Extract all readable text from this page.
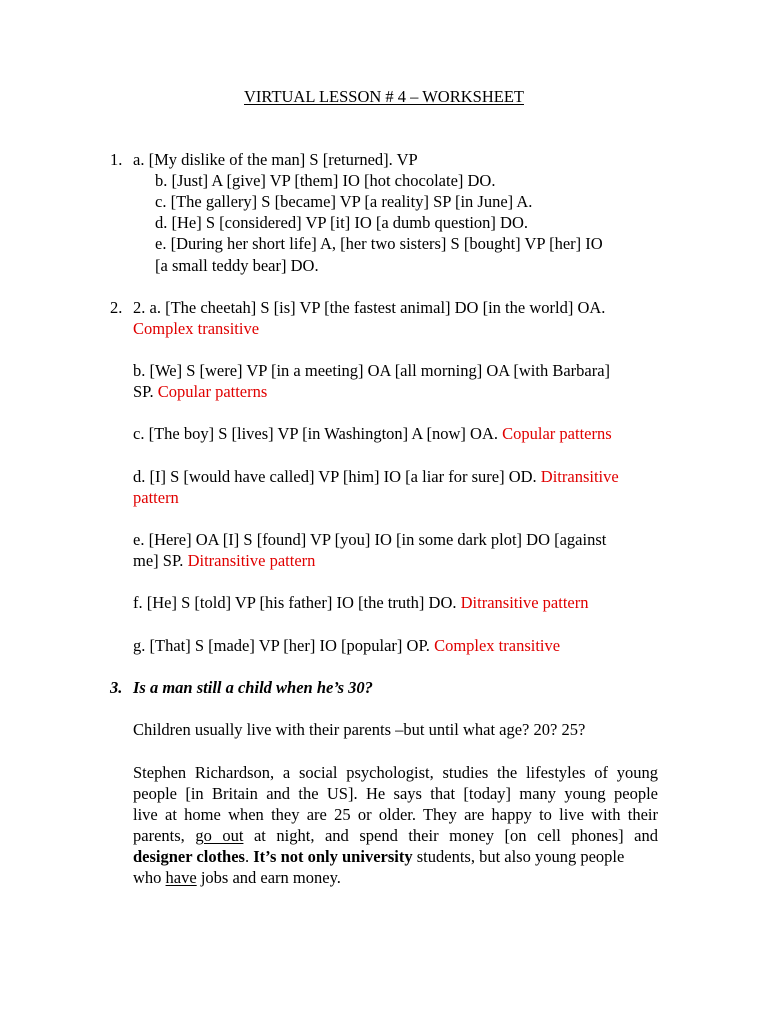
VIRTUAL LESSON # 4 – WORKSHEET
1. a. [My dislike of the man] S [returned]. VP
b. [Just] A [give] VP [them] IO [hot chocolate] DO.
c. [The gallery] S [became] VP [a reality] SP [in June] A.
d. [He] S [considered] VP [it] IO [a dumb question] DO.
e. [During her short life] A, [her two sisters] S [bought] VP [her] IO
[a small teddy bear] DO.
2. 2. a. [The cheetah] S [is] VP [the fastest animal] DO [in the world] OA.
Complex transitive
b. [We] S [were] VP [in a meeting] OA [all morning] OA [with Barbara]
SP. Copular patterns
c. [The boy] S [lives] VP [in Washington] A [now] OA. Copular patterns
d. [I] S [would have called] VP [him] IO [a liar for sure] OD. Ditransitive
pattern
e. [Here] OA [I] S [found] VP [you] IO [in some dark plot] DO [against
me] SP. Ditransitive pattern
f. [He] S [told] VP [his father] IO [the truth] DO. Ditransitive pattern
g. [That] S [made] VP [her] IO [popular] OP. Complex transitive
3. Is a man still a child when he’s 30?
Children usually live with their parents –but until what age? 20? 25?
Stephen Richardson, a social psychologist, studies the lifestyles of young
people [in Britain and the US]. He says that [today] many young people
live at home when they are 25 or older. They are happy to live with their
parents, go out at night, and spend their money [on cell phones] and
designer clothes. It’s not only university students, but also young people
who have jobs and earn money.
